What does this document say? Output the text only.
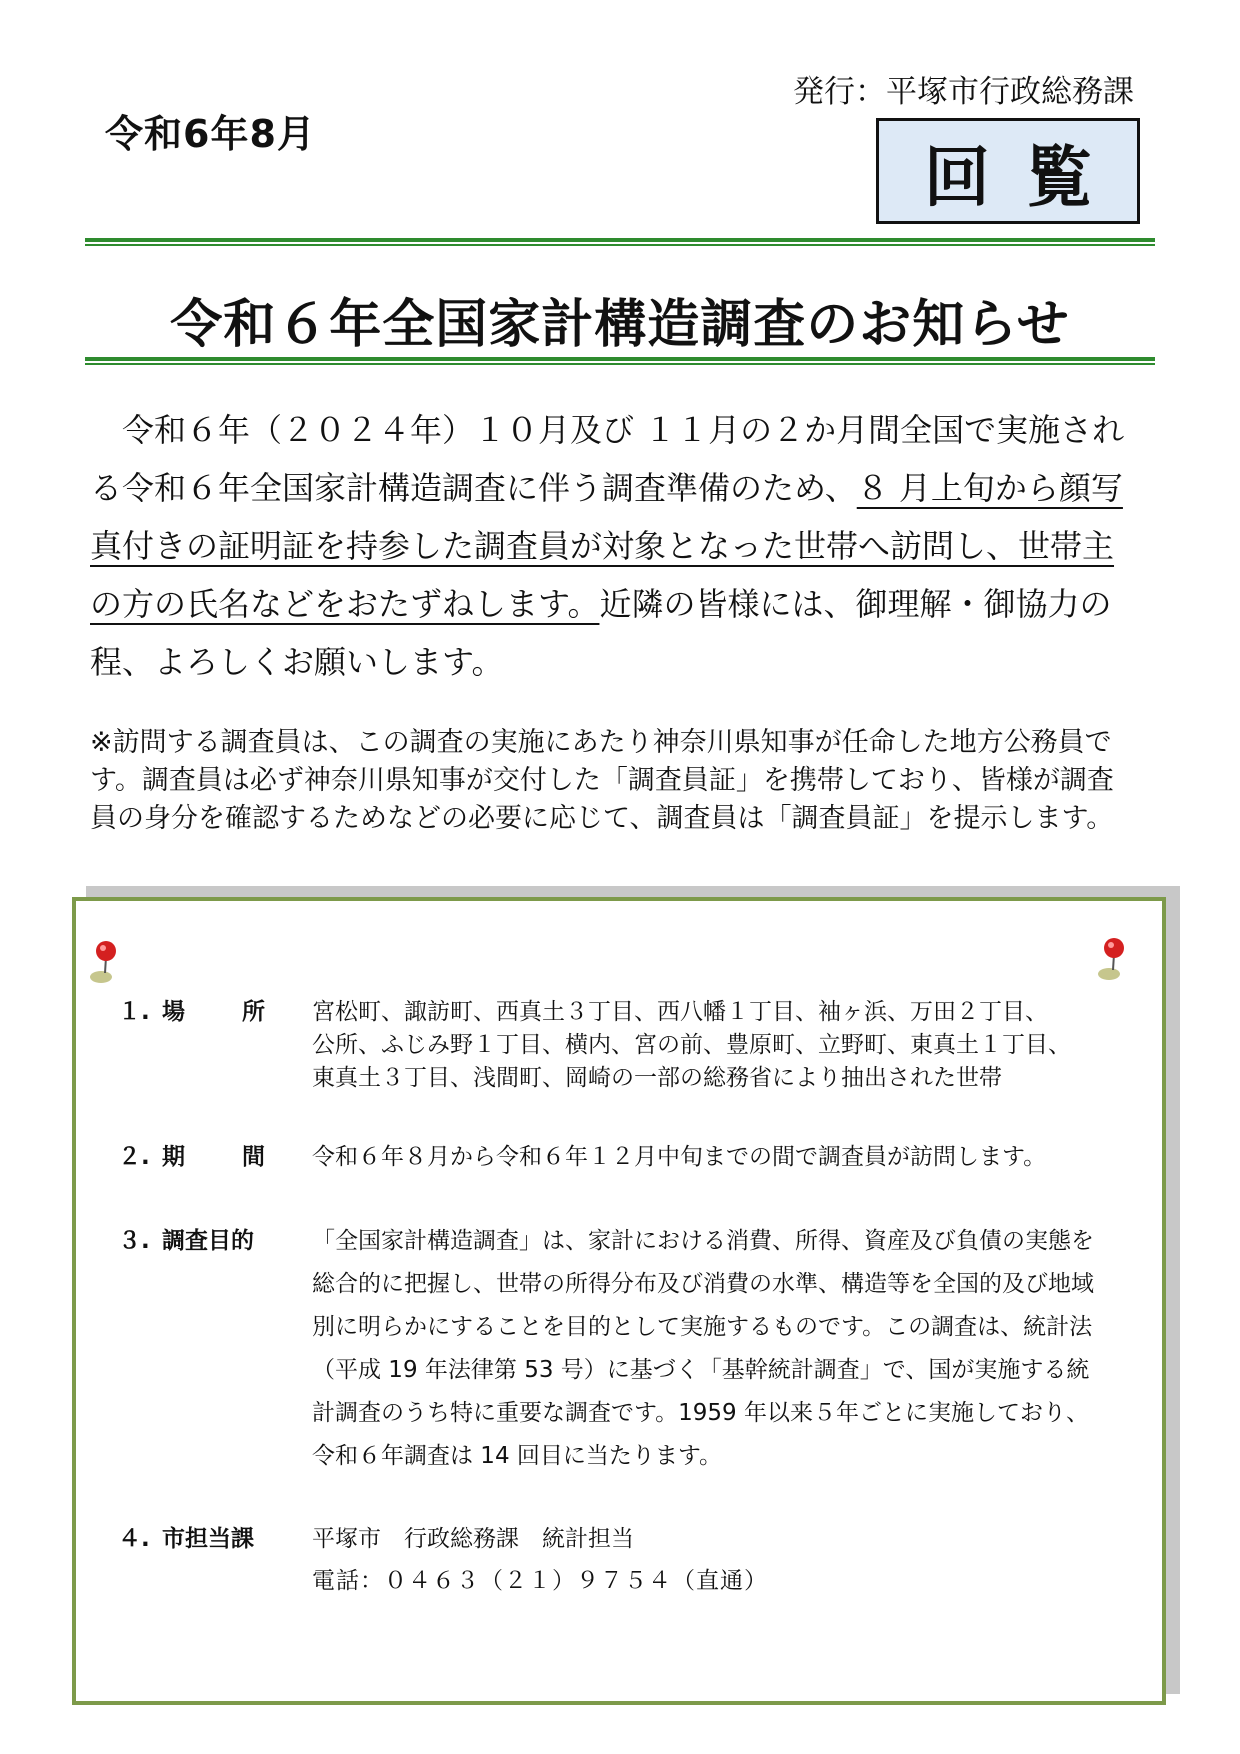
令和6年8月
発行：平塚市行政総務課
回覧
令和６年全国家計構造調査のお知らせ
令和６年（２０２４年）１０月及び １１月の２か月間全国で実施される令和６年全国家計構造調査に伴う調査準備のため、８ 月上旬から顔写真付きの証明証を持参した調査員が対象となった世帯へ訪問し、世帯主の方の氏名などをおたずねします。近隣の皆様には、御理解・御協力の程、よろしくお願いします。
※訪問する調査員は、この調査の実施にあたり神奈川県知事が任命した地方公務員です。調査員は必ず神奈川県知事が交付した「調査員証」を携帯しており、皆様が調査員の身分を確認するためなどの必要に応じて、調査員は「調査員証」を提示します。
１. 場 所 宮松町、諏訪町、西真土３丁目、西八幡１丁目、袖ヶ浜、万田２丁目、
公所、ふじみ野１丁目、横内、宮の前、豊原町、立野町、東真土１丁目、
東真土３丁目、浅間町、岡崎の一部の総務省により抽出された世帯
２. 期 間 令和６年８月から令和６年１２月中旬までの間で調査員が訪問します。
３. 調査目的	「全国家計構造調査」は、家計における消費、所得、資産及び負債の実態を
総合的に把握し、世帯の所得分布及び消費の水準、構造等を全国的及び地域
別に明らかにすることを目的として実施するものです。この調査は、統計法
（平成 19 年法律第 53 号）に基づく「基幹統計調査」で、国が実施する統
計調査のうち特に重要な調査です。1959 年以来５年ごとに実施しており、
令和６年調査は 14 回目に当たります。
４. 市担当課	平塚市　行政総務課　統計担当
電話：０４６３（２１）９７５４（直通）
